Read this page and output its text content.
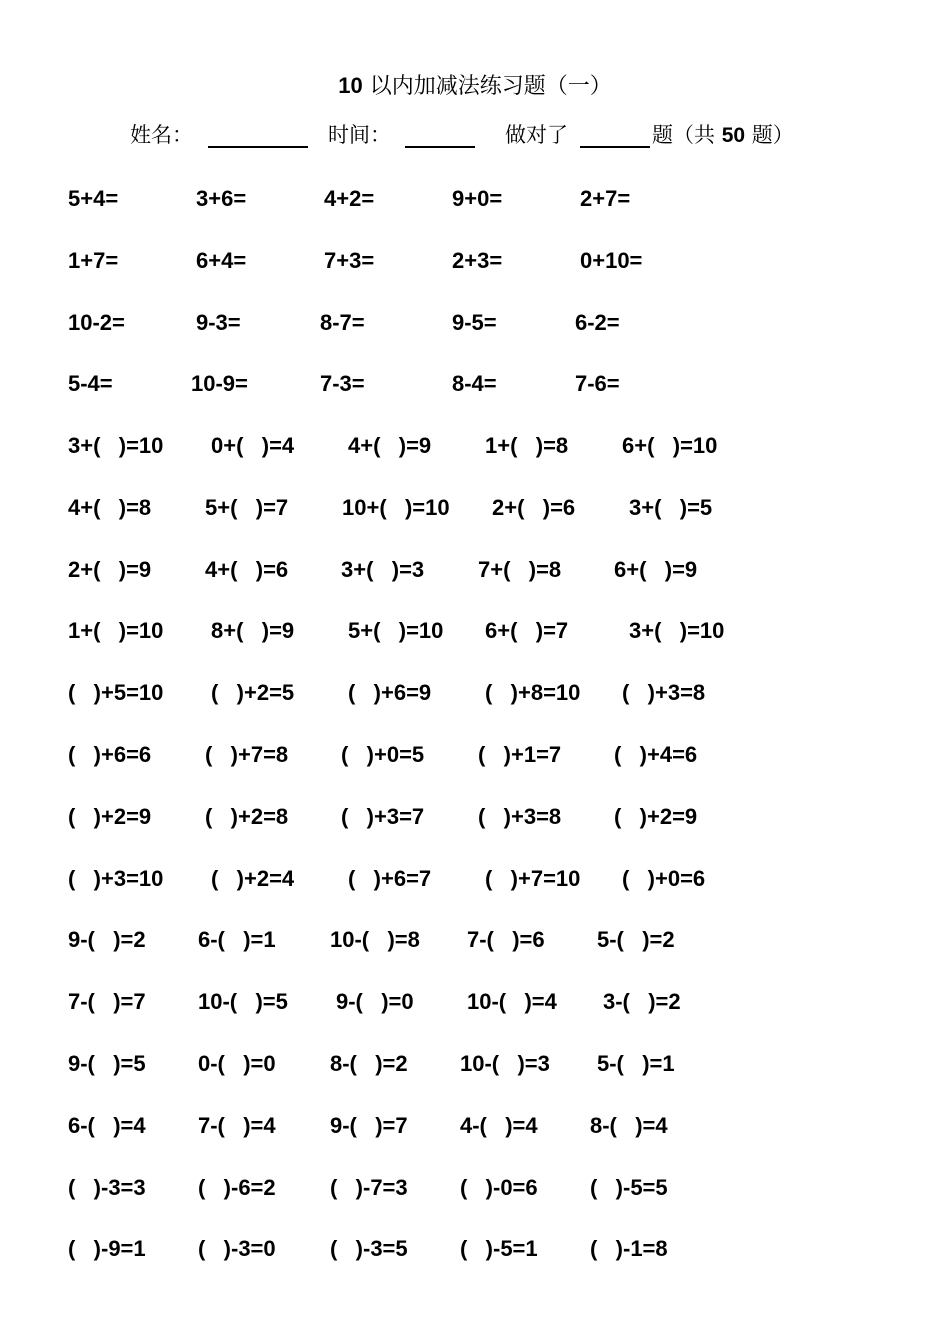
10 以内加减法练习题（一）
姓名：	时间：	做对了	题（共 50 题）
5+4=	3+6=	4+2=	9+0=	2+7=
1+7=	6+4=	7+3=	2+3=	0+10=
10-2=	9-3=	8-7=	9-5=	6-2=
5-4=	10-9=	7-3=	8-4=	7-6=
3+(   )=10 0+(   )=4 4+(   )=9 1+(   )=8 6+(   )=10
4+(   )=8 5+(   )=7 10+(   )=10 2+(   )=6 3+(   )=5
2+(   )=9 4+(   )=6 3+(   )=3 7+(   )=8 6+(   )=9
1+(   )=10 8+(   )=9 5+(   )=10 6+(   )=7	3+(   )=10
(   )+5=10 (   )+2=5 (   )+6=9 (   )+8=10 (   )+3=8
(   )+6=6 (   )+7=8 (   )+0=5 (   )+1=7 (   )+4=6
(   )+2=9 (   )+2=8 (   )+3=7 (   )+3=8 (   )+2=9
(   )+3=10 (   )+2=4 (   )+6=7 (   )+7=10 (   )+0=6
9-(   )=2 6-(   )=1 10-(   )=8 7-(   )=6 5-(   )=2
7-(   )=7 10-(   )=5 9-(   )=0 10-(   )=4 3-(   )=2
9-(   )=5 0-(   )=0 8-(   )=2 10-(   )=3 5-(   )=1
6-(   )=4 7-(   )=4 9-(   )=7 4-(   )=4 8-(   )=4
(   )-3=3 (   )-6=2 (   )-7=3 (   )-0=6 (   )-5=5
(   )-9=1 (   )-3=0 (   )-3=5 (   )-5=1 (   )-1=8
